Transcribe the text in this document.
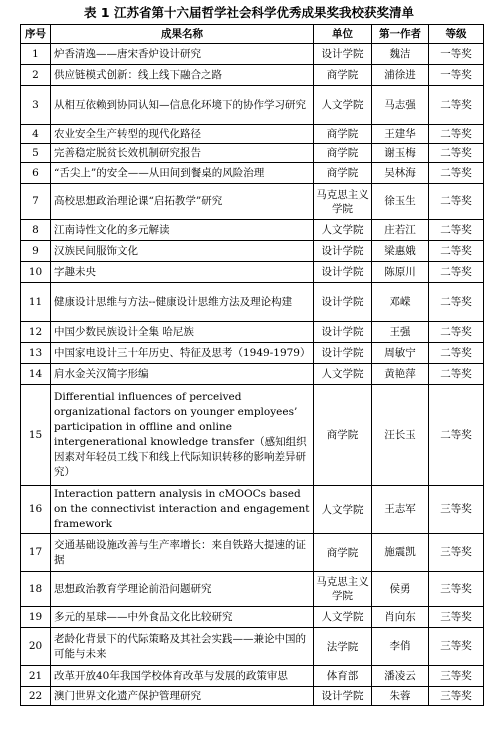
表 1 江苏省第十六届哲学社会科学优秀成果奖我校获奖清单
序号	成果名称	单位	第一作者	等级
1	炉香清逸——唐宋香炉设计研究	设计学院	魏洁	一等奖
2	供应链模式创新：线上线下融合之路	商学院	浦徐进	一等奖
3	从相互依赖到协同认知—信息化环境下的协作学习研究	人文学院	马志强	二等奖
4	农业安全生产转型的现代化路径	商学院	王建华	二等奖
5	完善稳定脱贫长效机制研究报告	商学院	谢玉梅	二等奖
6	“舌尖上”的安全——从田间到餐桌的风险治理	商学院	吴林海	二等奖
7	高校思想政治理论课“启拓教学”研究	马克思主义学院	徐玉生	二等奖
8	江南诗性文化的多元解读	人文学院	庄若江	二等奖
9	汉族民间服饰文化	设计学院	梁惠娥	二等奖
10	字趣未央	设计学院	陈原川	二等奖
11	健康设计思维与方法--健康设计思维方法及理论构建	设计学院	邓嵘	二等奖
12	中国少数民族设计全集 哈尼族	设计学院	王强	二等奖
13	中国家电设计三十年历史、特征及思考（1949-1979）	设计学院	周敏宁	二等奖
14	肩水金关汉简字形编	人文学院	黄艳萍	二等奖
15	Differential influences of perceived organizational factors on younger employees’ participation in offline and online intergenerational knowledge transfer（感知组织因素对年轻员工线下和线上代际知识转移的影响差异研究）	商学院	汪长玉	二等奖
16	Interaction pattern analysis in cMOOCs based on the connectivist interaction and engagement framework	人文学院	王志军	三等奖
17	交通基础设施改善与生产率增长：来自铁路大提速的证据	商学院	施震凯	三等奖
18	思想政治教育学理论前沿问题研究	马克思主义学院	侯勇	三等奖
19	多元的星球——中外食品文化比较研究	人文学院	肖向东	三等奖
20	老龄化背景下的代际策略及其社会实践——兼论中国的可能与未来	法学院	李俏	三等奖
21	改革开放40年我国学校体育改革与发展的政策审思	体育部	潘凌云	三等奖
22	澳门世界文化遗产保护管理研究	设计学院	朱蓉	三等奖
